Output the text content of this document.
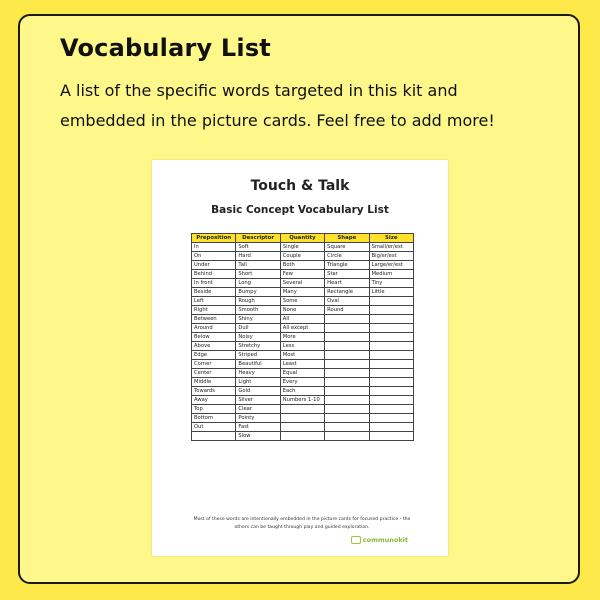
Vocabulary List
A list of the specific words targeted in this kit and embedded in the picture cards. Feel free to add more!
Touch & Talk
Basic Concept Vocabulary List
Preposition	Descriptor	Quantity	Shape	Size
In	Soft	Single	Square	Small/er/est
On	Hard	Couple	Circle	Big/er/est
Under	Tall	Both	Triangle	Large/er/est
Behind	Short	Few	Star	Medium
In front	Long	Several	Heart	Tiny
Beside	Bumpy	Many	Rectangle	Little
Left	Rough	Some	Oval	
Right	Smooth	None	Round	
Between	Shiny	All		
Around	Dull	All except		
Below	Noisy	More		
Above	Stretchy	Less		
Edge	Striped	Most		
Corner	Beautiful	Least		
Center	Heavy	Equal		
Middle	Light	Every		
Towards	Gold	Each		
Away	Silver	Numbers 1-10		
Top	Clear			
Bottom	Pointy			
Out	Fast			
	Slow			
Most of these words are intentionally embedded in the picture cards for focused practice - the others can be taught through play and guided exploration.
communokit
